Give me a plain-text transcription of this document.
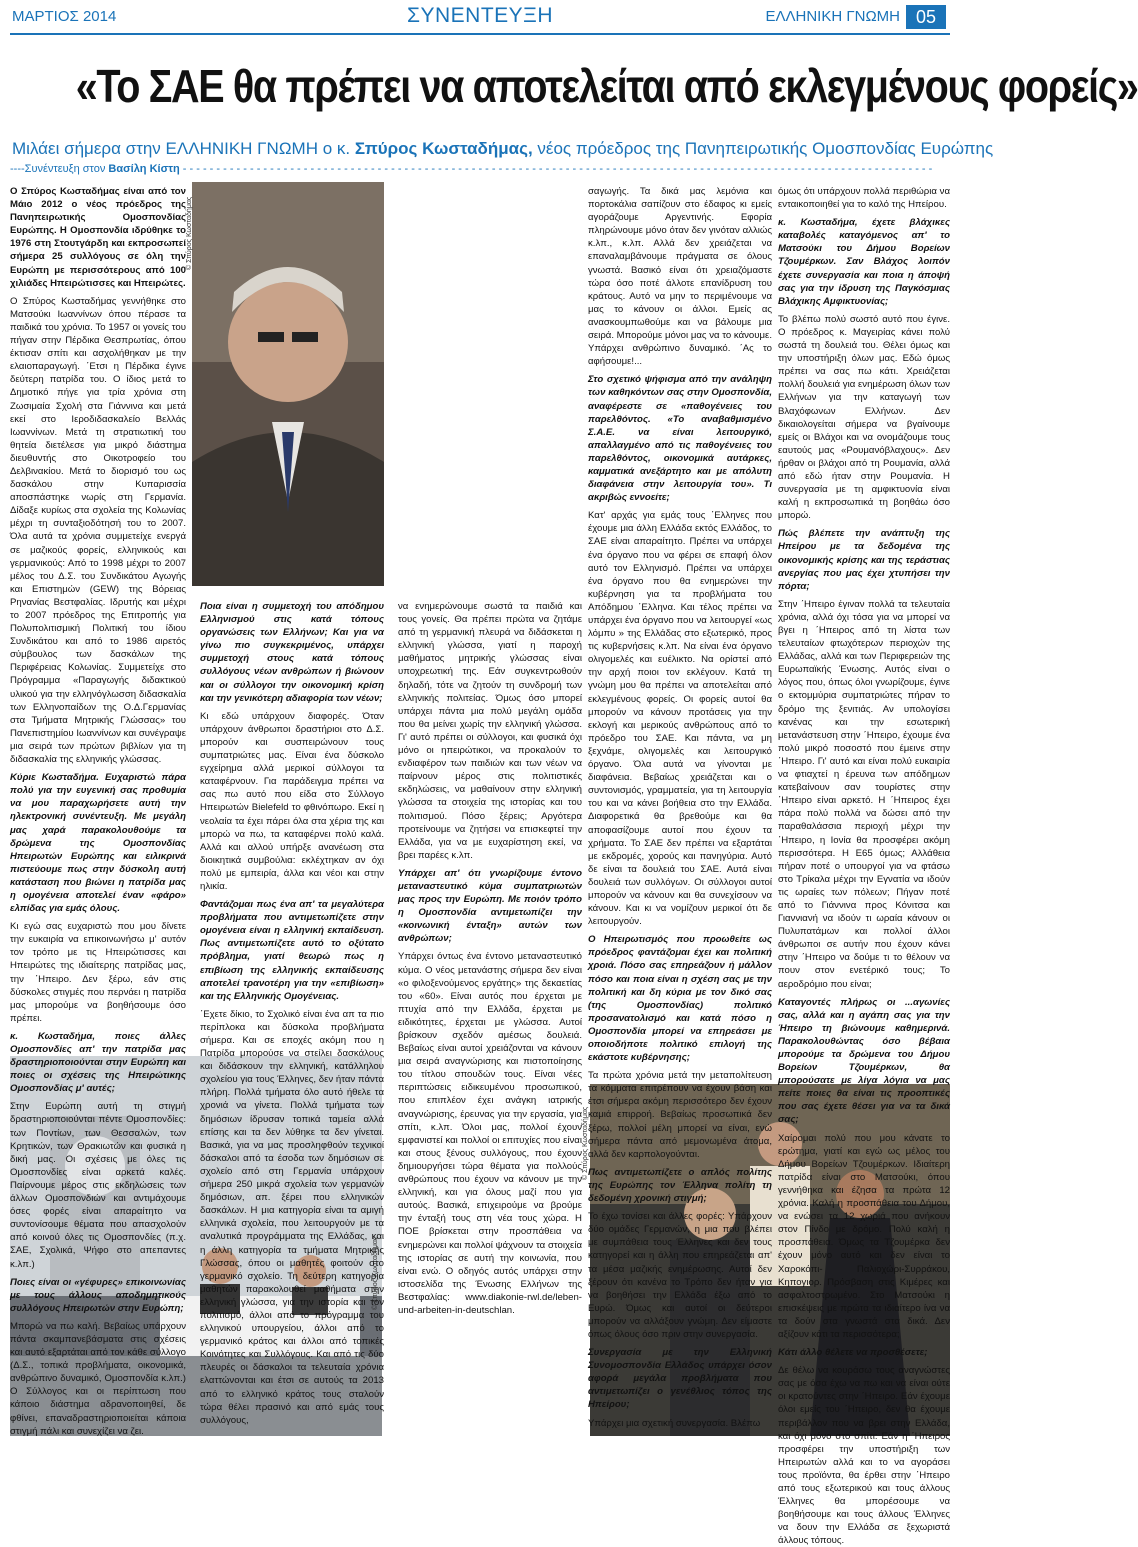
ΜΑΡΤΙΟΣ 2014	ΣΥΝΕΝΤΕΥΞΗ	ΕΛΛΗΝΙΚΗ ΓΝΩΜΗ 05
«Το ΣΑΕ θα πρέπει να αποτελείται από εκλεγμένους φορείς»
Μιλάει σήμερα στην ΕΛΛΗΝΙΚΗ ΓΝΩΜΗ ο κ. Σπύρος Κωσταδήμας, νέος πρόεδρος της Πανηπειρωτικής Ομοσπονδίας Ευρώπης
----Συνέντευξη στον Βασίλη Κίστη - - - - - - - - - - - - - - - - - - - - - - - - - - - - - - - - - - - - - - - - - - - - - - - - - - - - - - - - - - - - - - - - - - - - - - - - - - - - - - - - - - - - - - - - - - - - - - - - - - - - - - - - - - - - - - - -
© Σπύρος Κωσταδήμας
© Σπύρος Κωσταδήμας
© Σπύρος Κωσταδήμας

Ο Σπύρος Κωσταδήμας είναι από τον Μάιο 2012 ο νέος πρόεδρος της Πανηπειρωτικής Ομοσπονδίας Ευρώπης. Η Ομοσπονδία ιδρύθηκε το 1976 στη Στουτγάρδη και εκπροσωπεί σήμερα 25 συλλόγους σε όλη την Ευρώπη με περισσότερους από 100 χιλιάδες Ηπειρώτισσες και Ηπειρώτες.

Ο Σπύρος Κωσταδήμας γεννήθηκε στο Ματσούκι Ιωαννίνων όπου πέρασε τα παιδικά του χρόνια. Το 1957 οι γονείς του πήγαν στην Πέρδικα Θεσπρωτίας, όπου έκτισαν σπίτι και ασχολήθηκαν με την ελαιοπαραγωγή. ΄Ετσι η Πέρδικα έγινε δεύτερη πατρίδα του. Ο ίδιος μετά το Δημοτικό πήγε για τρία χρόνια στη Ζωσιμαία Σχολή στα Γιάννινα και μετά εκεί στο Ιεροδιδασκαλείο Βελλάς Ιωαννίνων. Μετά τη στρατιωτική του θητεία διετέλεσε για μικρό διάστημα διευθυντής στο Οικοτροφείο του Δελβινακίου. Μετά το διορισμό του ως δασκάλου στην Κυπαρισσία αποσπάστηκε νωρίς στη Γερμανία. Δίδαξε κυρίως στα σχολεία της Κολωνίας μέχρι τη συνταξιοδότησή του το 2007. Όλα αυτά τα χρόνια συμμετείχε ενεργά σε μαζικούς φορείς, ελληνικούς και γερμανικούς: Από το 1998 μέχρι το 2007 μέλος του Δ.Σ. του Συνδικάτου Αγωγής και Επιστημών (GEW) της Βόρειας Ρηνανίας Βεστφαλίας. Ιδρυτής και μέχρι το 2007 πρόεδρος της Επιτροπής για Πολυπολιτισμική Πολιτική του ίδιου Συνδικάτου και από το 1986 αιρετός σύμβουλος των δασκάλων της Περιφέρειας Κολωνίας. Συμμετείχε στο Πρόγραμμα «Παραγωγής διδακτικού υλικού για την ελληνόγλωσση διδασκαλία των Ελληνοπαίδων της Ο.Δ.Γερμανίας στα Τμήματα Μητρικής Γλώσσας» του Πανεπιστημίου Ιωαννίνων και συνέγραψε μια σειρά των πρώτων βιβλίων για τη διδασκαλία της ελληνικής γλώσσας.

Κύριε Κωσταδήμα. Ευχαριστώ πάρα πολύ για την ευγενική σας προθυμία να μου παραχωρήσετε αυτή την ηλεκτρονική συνέντευξη. Με μεγάλη μας χαρά παρακολουθούμε τα δρώμενα της Ομοσπονδίας Ηπειρωτών Ευρώπης και ειλικρινά πιστεύουμε πως στην δύσκολη αυτή κατάσταση που βιώνει η πατρίδα μας η ομογένεια αποτελεί έναν «φάρο» ελπίδας για εμάς όλους.

Κι εγώ σας ευχαριστώ που μου δίνετε την ευκαιρία να επικοινωνήσω μ' αυτόν τον τρόπο με τις Ηπειρώτισσες και Ηπειρώτες της ιδιαίτερης πατρίδας μας, την ΄Ηπειρο. Δεν ξέρω, εάν στις δύσκολες στιγμές που περνάει η πατρίδα μας μπορούμε να βοηθήσουμε όσο πρέπει.

κ. Κωσταδήμα, ποιες άλλες Ομοσπονδίες απ' την πατρίδα μας δραστηριοποιούνται στην Ευρώπη και ποιες οι σχέσεις της Ηπειρώτικης Ομοσπονδίας μ' αυτές;

Στην Ευρώπη αυτή τη στιγμή δραστηριοποιούνται πέντε Ομοσπονδίες: των Ποντίων, των Θεσσαλών, των Κρητικών, των Θρακιωτών και φυσικά η δική μας. Οι σχέσεις με όλες τις Ομοσπονδίες είναι αρκετά καλές. Παίρνουμε μέρος στις εκδηλώσεις των άλλων Ομοσπονδιών και αντιμάχουμε όσες φορές είναι απαραίτητο να συντονίσουμε θέματα που απασχολούν από κοινού όλες τις Ομοσπονδίες (π.χ. ΣΑΕ, Σχολικά, Ψήφο στο απεπαντες κ.λπ.)

Ποιες είναι οι «γέφυρες» επικοινωνίας με τους άλλους αποδημητικούς συλλόγους Ηπειρωτών στην Ευρώπη;

Μπορώ να πω καλή. Βεβαίως υπάρχουν πάντα σκαμπανεβάσματα στις σχέσεις και αυτό εξαρτάται από τον κάθε σύλλογο (Δ.Σ., τοπικά προβλήματα, οικονομικά, ανθρώπινο δυναμικό, Ομοσπονδία κ.λπ.) Ο Σύλλογος και οι περίπτωση που κάποιο διάστημα αδρανοποιηθεί, δε φθίνει, επαναδραστηριοποιείται κάποια στιγμή πάλι και συνεχίζει να ζει.

Ποια είναι η συμμετοχή του απόδημου Ελληνισμού στις κατά τόπους οργανώσεις των Ελλήνων; Και για να γίνω πιο συγκεκριμένος, υπάρχει συμμετοχή στους κατά τόπους συλλόγους νέων ανθρώπων ή βιώνουν και οι σύλλογοι την οικονομική κρίση και την γενικότερη αδιαφορία των νέων;

Κι εδώ υπάρχουν διαφορές. Όταν υπάρχουν άνθρωποι δραστήριοι στο Δ.Σ. μπορούν και συσπειρώνουν τους συμπατριώτες μας. Είναι ένα δύσκολο εγχείρημα αλλά μερικοί σύλλογοι τα καταφέρνουν. Για παράδειγμα πρέπει να σας πω αυτό που είδα στο Σύλλογο Ηπειρωτών Bielefeld το φθινόπωρο. Εκεί η νεολαία τα έχει πάρει όλα στα χέρια της και μπορώ να πω, τα καταφέρνει πολύ καλά. Αλλά και αλλού υπήρξε ανανέωση στα διοικητικά συμβούλια: εκλέχτηκαν αν όχι πολύ με εμπειρία, άλλα και νέοι και στην ηλικία.

Φαντάζομαι πως ένα απ' τα μεγαλύτερα προβλήματα που αντιμετωπίζετε στην ομογένεια είναι η ελληνική εκπαίδευση. Πως αντιμετωπίζετε αυτό το οξύτατο πρόβλημα, γιατί θεωρώ πως η επιβίωση της ελληνικής εκπαίδευσης αποτελεί τρανοτέρη για την «επιβίωση» και της Ελληνικής Ομογένειας.

΄Εχετε δίκιο, το Σχολικό είναι ένα απ τα πιο περίπλοκα και δύσκολα προβλήματα σήμερα. Και σε εποχές ακόμη που η Πατρίδα μπορούσε να στείλει δασκάλους και διδάσκουν την ελληνική, κατάλληλου σχολείου για τους Έλληνες, δεν ήταν πάντα πλήρη. Πολλά τμήματα όλο αυτό ήθελε τα χρονιά να γίνετα. Πολλά τμήματα των δημόσιων ίδρυσαν τοπικά ταμεία αλλά επίσης και τα δεν λύθηκε τα δεν γίνεται. Βασικά, για να μας προσληφθούν τεχνικοί δάσκαλοι από τα έσοδα των δημόσιων σε σχολείο από στη Γερμανία υπάρχουν σήμερα 250 μικρά σχολεία των γερμανών δημόσιων, απ. ξέρει που ελληνικών δασκάλων. Η μια κατηγορία είναι τα αμιγή ελληνικά σχολεία, που λειτουργούν με τα αναλυτικά προγράμματα της Ελλάδας, και η άλλη κατηγορία τα τμήματα Μητρικής Γλώσσας, όπου οι μαθητές φοιτούν στο γερμανικό σχολείο. Τη δεύτερη κατηγορία μαθητών παρακολουθεί μαθήματα στην ελληνική γλώσσα, για την ιστορία και τον πολιτισμό, άλλοι από το πρόγραμμα του ελληνικού υπουργείου, άλλοι από το γερμανικό κράτος και άλλοι από τοπικές Κοινότητες και Συλλόγους. Και από τις δύο πλευρές οι δάσκαλοι τα τελευταία χρόνια ελαττώνονται και έτσι σε αυτούς τα 2013 από το ελληνικό κράτος τους σταλούν τώρα θέλει πρασινό και από εμάς τους συλλόγους,

να ενημερώνουμε σωστά τα παιδιά και τους γονείς. Θα πρέπει πρώτα να ζητάμε από τη γερμανική πλευρά να διδάσκεται η ελληνική γλώσσα, γιατί η παροχή μαθήματος μητρικής γλώσσας είναι υποχρεωτική της. Εάν συγκεντρωθούν δηλαδή, τότε να ζητούν τη συνδρομή των ελληνικής πολιτείας. Όμως όσο μπορεί υπάρχει πάντα μια πολύ μεγάλη ομάδα που θα μείνει χωρίς την ελληνική γλώσσα. Γι' αυτό πρέπει οι σύλλογοι, και φυσικά όχι μόνο οι ηπειρώτικοι, να προκαλούν το ενδιαφέρον των παιδιών και των νέων να παίρνουν μέρος στις πολιτιστικές εκδηλώσεις, να μαθαίνουν στην ελληνική γλώσσα τα στοιχεία της ιστορίας και του πολιτισμού. Πόσο ξέρεις; Αργότερα προτείνουμε να ζητήσει να επισκεφτεί την Ελλάδα, για να με ευχαρίστηση εκεί, να βρει παρέες κ.λπ.

Υπάρχει απ' ότι γνωρίζουμε έντονο μεταναστευτικό κύμα συμπατριωτών μας προς την Ευρώπη. Με ποιόν τρόπο η Ομοσπονδία αντιμετωπίζει την «κοινωνική ένταξη» αυτών των ανθρώπων;

Υπάρχει όντως ένα έντονο μεταναστευτικό κύμα. Ο νέος μετανάστης σήμερα δεν είναι «ο φιλοξενούμενος εργάτης» της δεκαετίας του «60». Είναι αυτός που έρχεται με πτυχία από την Ελλάδα, έρχεται με ειδικότητες, έρχεται με γλώσσα. Αυτοί βρίσκουν σχεδόν αμέσως δουλειά. Βεβαίως είναι αυτοί χρειάζονται να κάνουν μια σειρά αναγνώρισης και πιστοποίησης του τίτλου σπουδών τους. Είναι νέες περιπτώσεις ειδικευμένου προσωπικού, που επιπλέον έχει ανάγκη ιατρικής αναγνώρισης, έρευνας για την εργασία, για σπίτι, κ.λπ. Όλοι μας, πολλοί έχουν εμφανιστεί και πολλοί οι επιτυχίες που είναι και στους ξένους συλλόγους, που έχουν δημιουργήσει τώρα θέματα για πολλούς ανθρώπους που έχουν να κάνουν με την ελληνική, και για όλους μαζί που για αυτούς. Βασικά, επιχειρούμε να βρούμε την ένταξή τους στη νέα τους χώρα. Η ΠΟΕ βρίσκεται στην προσπάθεια να ενημερώνει και πολλοί ψάχνουν τα στοιχεία της ιστορίας σε αυτή την κοινωνία, που είναι ενώ. Ο οδηγός αυτός υπάρχει στην ιστοσελίδα της Ένωσης Ελλήνων της Βεστφαλίας: www.diakonie-rwl.de/leben-und-arbeiten-in-deutschlan.

σαγωγής. Τα δικά μας λεμόνια και πορτοκάλια σαπίζουν στο έδαφος κι εμείς αγοράζουμε Αργεντινής. Εφορία πληρώνουμε μόνο όταν δεν γινόταν αλλιώς κ.λπ., κ.λπ. Αλλά δεν χρειάζεται να επαναλαμβάνουμε πράγματα σε όλους γνωστά. Βασικό είναι ότι χρειαζόμαστε τώρα όσο ποτέ άλλοτε επανίδρυση του κράτους. Αυτό να μην το περιμένουμε να μας το κάνουν οι άλλοι. Εμείς ας ανασκουμπωθούμε και να βάλουμε μια σειρά. Μπορούμε μόνοι μας να το κάνουμε. Υπάρχει ανθρώπινο δυναμικό. ΄Ας το αφήσουμε!...

Στο σχετικό ψήφισμα από την ανάληψη των καθηκόντων σας στην Ομοσπονδία, αναφέρεστε σε «παθογένειες του παρελθόντος. «Το αναβαθμισμένο Σ.Α.Ε. να είναι λειτουργικό, απαλλαγμένο από τις παθογένειες του παρελθόντος, οικονομικά αυτάρκες, καμματικά ανεξάρτητο και με απόλυτη διαφάνεια στην λειτουργία του». Τι ακριβώς εννοείτε;

Κατ' αρχάς για εμάς τους ΄Ελληνες που έχουμε μια άλλη Ελλάδα εκτός Ελλάδος, το ΣΑΕ είναι απαραίτητο. Πρέπει να υπάρχει ένα όργανο που να φέρει σε επαφή όλον αυτό τον Ελληνισμό. Πρέπει να υπάρχει ένα όργανο που θα ενημερώνει την κυβέρνηση για τα προβλήματα του Απόδημου ΄Ελληνα. Και τέλος πρέπει να υπάρχει ένα όργανο που να λειτουργεί «ως λόμπυ » της Ελλάδας στο εξωτερικό, προς τις κυβερνήσεις κ.λπ. Να είναι ένα όργανο ολιγομελές και ευέλικτο. Να ορίστεί από την αρχή ποιοι τον εκλέγουν. Κατά τη γνώμη μου θα πρέπει να αποτελείται από εκλεγμένους φορείς. Οι φορείς αυτοί θα μπορούν να κάνουν προτάσεις για την εκλογή και μερικούς ανθρώπους από το πρόεδρο του ΣΑΕ. Και πάντα, να μη ξεχνάμε, ολιγομελές και λειτουργικό όργανο. Όλα αυτά να γίνονται με διαφάνεια. Βεβαίως χρειάζεται και ο συντονισμός, γραμματεία, για τη λειτουργία του και να κάνει βοήθεια στο την Ελλάδα. Διαφορετικά θα βρεθούμε και θα αποφασίζουμε αυτοί που έχουν τα χρήματα. Το ΣΑΕ δεν πρέπει να εξαρτάται με εκδρομές, χορούς και πανηγύρια. Αυτό δε είναι τα δουλειά του ΣΑΕ. Αυτά είναι δουλειά των συλλόγων. Οι σύλλογοι αυτοί μπορούν να κάνουν και θα συνεχίσουν να κάνουν. Και κι να νομίζουν μερικοί ότι δε λειτουργούν.

Ο Ηπειρωτισμός που προωθείτε ως πρόεδρος φαντάζομαι έχει και πολιτική χροιά. Πόσο σας επηρεάζουν ή μάλλον πόσο και ποια είναι η σχέση σας με την πολιτική και δη κύρια με τον δικό σας (της Ομοσπονδίας) πολιτικό προσανατολισμό και κατά πόσο η Ομοσπονδία μπορεί να επηρεάσει με οποιοδήποτε πολιτικό επιλογή της εκάστοτε κυβέρνησης;

Τα πρώτα χρόνια μετά την μεταπολίτευση τα κόμματα επιτρέπουν να έχουν βάση και έτσι σήμερα ακόμη περισσότερο δεν έχουν καμιά επιρροή. Βεβαίως προσωπικά δεν ξέρω, πολλοί μέλη μπορεί να είναι, ενώ σήμερα πάντα από μεμονωμένα άτομα, αλλά δεν καρπολογούνται.

Πως αντιμετωπίζετε ο απλός πολίτης της Ευρώπης τον Έλληνα πολίτη τη δεδομένη χρονική στιγμή;

Το έχω τονίσει και άλλες φορές: Υπάρχουν δύο ομάδες Γερμανών, η μια που βλέπει με συμπάθεια τους Έλληνες και δεν τους κατηγορεί και η άλλη που επηρεάζεται απ' τα μέσα μαζικής ενημέρωσης. Αυτοί δεν ξέρουν ότι κανένα το Τρόπο δεν ήταν για να βοηθήσει την Ελλάδα έξω από το Ευρώ. Όμως και αυτοί οι δεύτεροι μπορούν να αλλάξουν γνώμη. Δεν είμαστε όπως όλους όσο πριν στην συνεργασία.

Συνεργασία με την Ελληνική Συνομοσπονδία Ελλάδος υπάρχει όσον αφορά μεγάλα προβλήματα που αντιμετωπίζει ο γενέθλιος τόπος της Ηπείρου;

Υπάρχει μια σχετική συνεργασία. Βλέπω

όμως ότι υπάρχουν πολλά περιθώρια να ενταικοποιηθεί για το καλό της Ηπείρου.

κ. Κωσταδήμα, έχετε βλάχικες καταβολές καταγόμενος απ' το Ματσούκι του Δήμου Βορείων Τζουμέρκων. Σαν Βλάχος λοιπόν έχετε συνεργασία και ποια η άποψή σας για την ίδρυση της Παγκόσμιας Βλάχικης Αμφικτυονίας;

Το βλέπω πολύ σωστό αυτό που έγινε. Ο πρόεδρος κ. Μαγειρίας κάνει πολύ σωστά τη δουλειά του. Θέλει όμως και την υποστήριξη όλων μας. Εδώ όμως πρέπει να σας πω κάτι. Χρειάζεται πολλή δουλειά για ενημέρωση όλων των Ελλήνων για την καταγωγή των Βλαχόφωνων Ελλήνων. Δεν δικαιολογείται σήμερα να βγαίνουμε εμείς οι Βλάχοι και να ονομάζουμε τους εαυτούς μας «Ρουμανόβλαχους». Δεν ήρθαν οι βλάχοι από τη Ρουμανία, αλλά από εδώ ήταν στην Ρουμανία. Η συνεργασία με τη αμφικτυονία είναι καλή η εκπροσωπικά τη βοηθάω όσο μπορώ.

Πώς βλέπετε την ανάπτυξη της Ηπείρου με τα δεδομένα της οικονομικής κρίσης και της τεράστιας ανεργίας που μας έχει χτυπήσει την πόρτα;

Στην ΄Ηπειρο έγιναν πολλά τα τελευταία χρόνια, αλλά όχι τόσα για να μπορεί να βγει η ΄Ηπειρος από τη λίστα των τελευταίων φτωχότερων περιοχών της Ελλάδας, αλλά και των Περιφερειών της Ευρωπαϊκής Ένωσης. Αυτός είναι ο λόγος που, όπως όλοι γνωρίζουμε, έγινε ο εκτομμύρια συμπατριώτες πήραν το δρόμο της ξενιτιάς. Αν υπολογίσει κανένας και την εσωτερική μετανάστευση στην ΄Ηπειρο, έχουμε ένα πολύ μικρό ποσοστό που έμεινε στην ΄Ηπειρο. Γι' αυτό και είναι πολύ ευκαιρία να φτιαχτεί η έρευνα των απόδημων κατεβαίνουν σαν τουρίστες στην ΄Ηπειρο είναι αρκετό. Η ΄Ηπειρος έχει πάρα πολύ πολλά να δώσει από την παραθαλάσσια περιοχή μέχρι την ΄Ηπειρο, η Ιονία θα προσφέρει ακόμη περισσότερα. Η Ε65 όμως; Αλλάθεια πήραν ποτέ ο υπουργοί για να φτάσω στο Τρίκαλα μέχρι την Εγνατία να ιδούν τις ωραίες των πόλεων; Πήγαν ποτέ από το Γιάννινα προς Κόνιτσα και Γιαννιανή να ιδούν τι ωραία κάνουν οι Πυλυπατάμων και πολλοί άλλοι άνθρωποι σε αυτήν που έχουν κάνει στην ΄Ηπειρο να δούμε τι το θέλουν να πουν στον ενετέρικό τους; Το αεροδρόμιο που είναι;

Καταγοντές πλήρως οι ...αγωνίες σας, αλλά και η αγάπη σας για την Ήπειρο τη βιώνουμε καθημερινά. Παρακολουθώντας όσο βέβαια μπορούμε τα δρώμενα του Δήμου Βορείων Τζουμέρκων, θα μπορούσατε με λίγα λόγια να μας πείτε ποιες θα είναι τις προοπτικές που σας έχετε θέσει για να τα δικά σας;

Χαίρομαι πολύ που μου κάνατε το ερώτημα, γιατί και εγώ ως μέλος του Δήμου Βορείων Τζουμέρκων. Ιδιαίτερη πατρίδα είναι στο Ματσούκι, όπου γεννήθηκα και έζησα τα πρώτα 12 χρόνια. Καλή η προσπάθεια του Δήμου, να ενώσει τα 12 χωριά που ανήκουν στον Πίνδο με δρόμο. Πολύ καλή η προσπάθεια. Όμως τα Τζουμέρκα δεν έχουν μόνο αυτό και δεν είναι το Χαροκόπι- Παλιοχώρι-Συρράκου, Κηπογιορ. Πρόσβαση στις Κιμέρες και ασφαλτοστρωμένο. Στο Ματσούκι η επισκέψεις με πρώτα τα ιδιαίτερο ίνα να τα δούν στα γνωστά στα δικά. Δεν αξίζουν κάτι τα περισσότερα;

Κάτι άλλο θέλετε να προσθέσετε;

Δε θέλω να κουράσω τους αναγνώστες σας με όσα έχω να πω και να είναι ούτε οι κρατούντες στην ΄Ηπειρο. Εάν έχουμε όλοι εμείς του ΄Ηπειρο, δεν θα έχουμε περιβάλλον που να βρει στην Ελλάδα, και όχι μόνο στο σπίτι: Εάν η ΄Ηπειρος προσφέρει την υποστήριξη των Ηπειρωτών αλλά και το να αγοράσει τους προϊόντα, θα έρθει στην ΄Ηπειρο από τους εξωτερικού και τους άλλους Έλληνες θα μπορέσουμε να βοηθήσουμε και τους άλλους Έλληνες να δουν την Ελλάδα σε ξεχωριστά άλλους τόπους.
